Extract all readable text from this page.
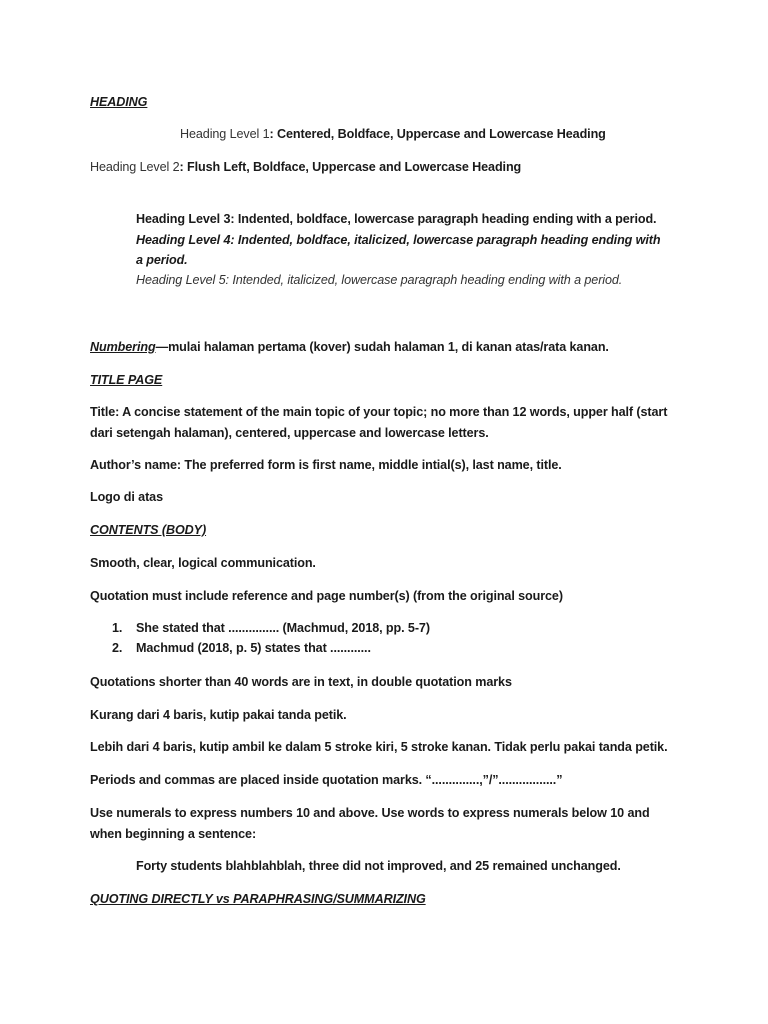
HEADING
Heading Level 1: Centered, Boldface, Uppercase and Lowercase Heading
Heading Level 2: Flush Left, Boldface, Uppercase and Lowercase Heading
Heading Level 3: Indented, boldface, lowercase paragraph heading ending with a period.
Heading Level 4: Indented, boldface, italicized, lowercase paragraph heading ending with a period.
Heading Level 5: Intended, italicized, lowercase paragraph heading ending with a period.
Numbering—mulai halaman pertama (kover) sudah halaman 1, di kanan atas/rata kanan.
TITLE PAGE
Title: A concise statement of the main topic of your topic; no more than 12 words, upper half (start dari setengah halaman), centered, uppercase and lowercase letters.
Author’s name: The preferred form is first name, middle intial(s), last name, title.
Logo di atas
CONTENTS (BODY)
Smooth, clear, logical communication.
Quotation must include reference and page number(s) (from the original source)
1. She stated that ............... (Machmud, 2018, pp. 5-7)
2. Machmud (2018, p. 5) states that ............
Quotations shorter than 40 words are in text, in double quotation marks
Kurang dari 4 baris, kutip pakai tanda petik.
Lebih dari 4 baris, kutip ambil ke dalam 5 stroke kiri, 5 stroke kanan. Tidak perlu pakai tanda petik.
Periods and commas are placed inside quotation marks. “..............,”/”.................”
Use numerals to express numbers 10 and above. Use words to express numerals below 10 and when beginning a sentence:
Forty students blahblahblah, three did not improved, and 25 remained unchanged.
QUOTING DIRECTLY vs PARAPHRASING/SUMMARIZING
